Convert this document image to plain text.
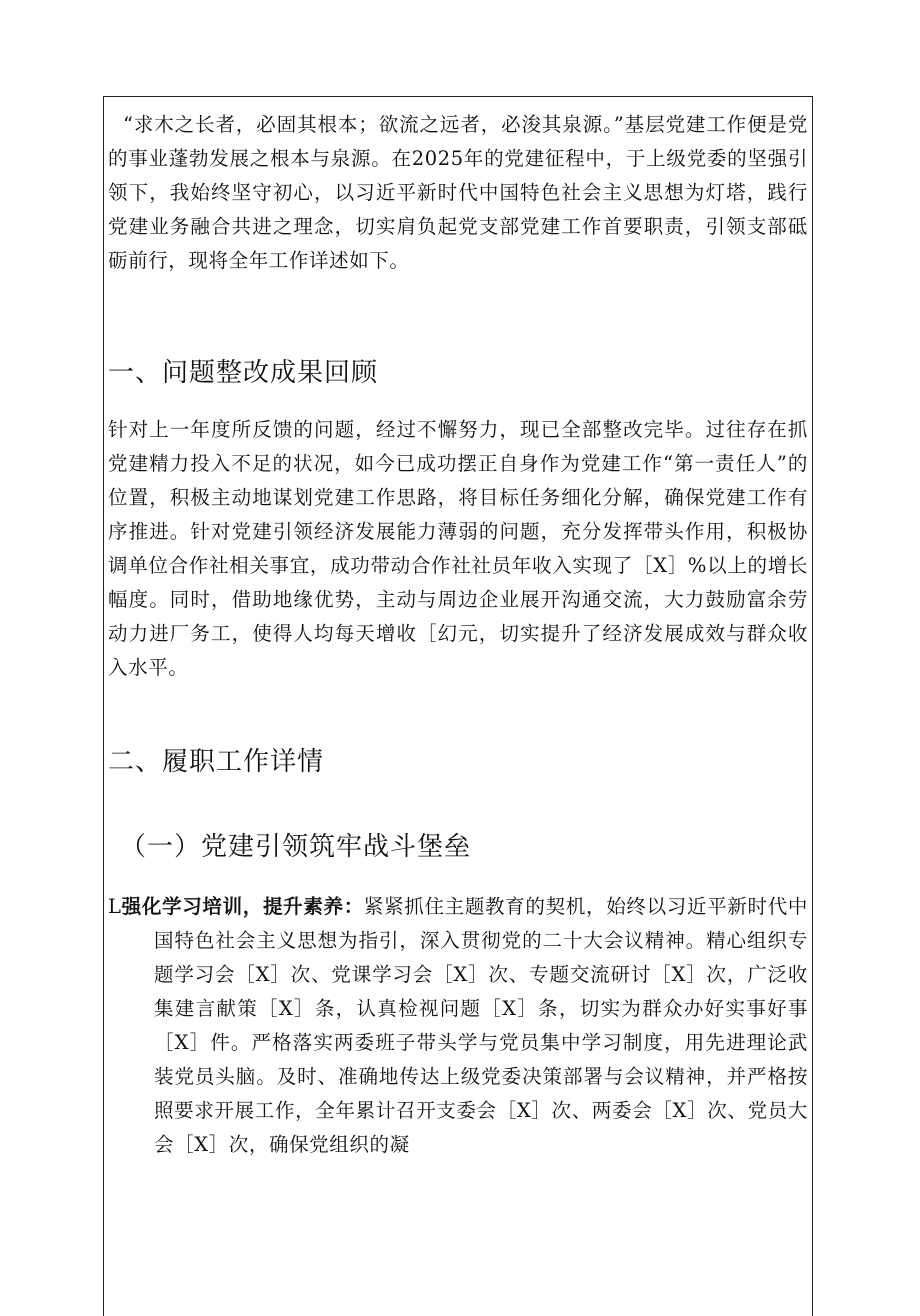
“求木之长者，必固其根本；欲流之远者，必浚其泉源。”基层党建工作便是党的事业蓬勃发展之根本与泉源。在2025年的党建征程中，于上级党委的坚强引领下，我始终坚守初心，以习近平新时代中国特色社会主义思想为灯塔，践行党建业务融合共进之理念，切实肩负起党支部党建工作首要职责，引领支部砥砺前行，现将全年工作详述如下。

一、问题整改成果回顾

针对上一年度所反馈的问题，经过不懈努力，现已全部整改完毕。过往存在抓党建精力投入不足的状况，如今已成功摆正自身作为党建工作“第一责任人”的位置，积极主动地谋划党建工作思路，将目标任务细化分解，确保党建工作有序推进。针对党建引领经济发展能力薄弱的问题，充分发挥带头作用，积极协调单位合作社相关事宜，成功带动合作社社员年收入实现了［X］%以上的增长幅度。同时，借助地缘优势，主动与周边企业展开沟通交流，大力鼓励富余劳动力进厂务工，使得人均每天增收［幻元，切实提升了经济发展成效与群众收入水平。

二、履职工作详情
（一）党建引领筑牢战斗堡垒

L强化学习培训，提升素养：紧紧抓住主题教育的契机，始终以习近平新时代中国特色社会主义思想为指引，深入贯彻党的二十大会议精神。精心组织专题学习会［X］次、党课学习会［X］次、专题交流研讨［X］次，广泛收集建言献策［X］条，认真检视问题［X］条，切实为群众办好实事好事［X］件。严格落实两委班子带头学与党员集中学习制度，用先进理论武装党员头脑。及时、准确地传达上级党委决策部署与会议精神，并严格按照要求开展工作，全年累计召开支委会［X］次、两委会［X］次、党员大会［X］次，确保党组织的凝
